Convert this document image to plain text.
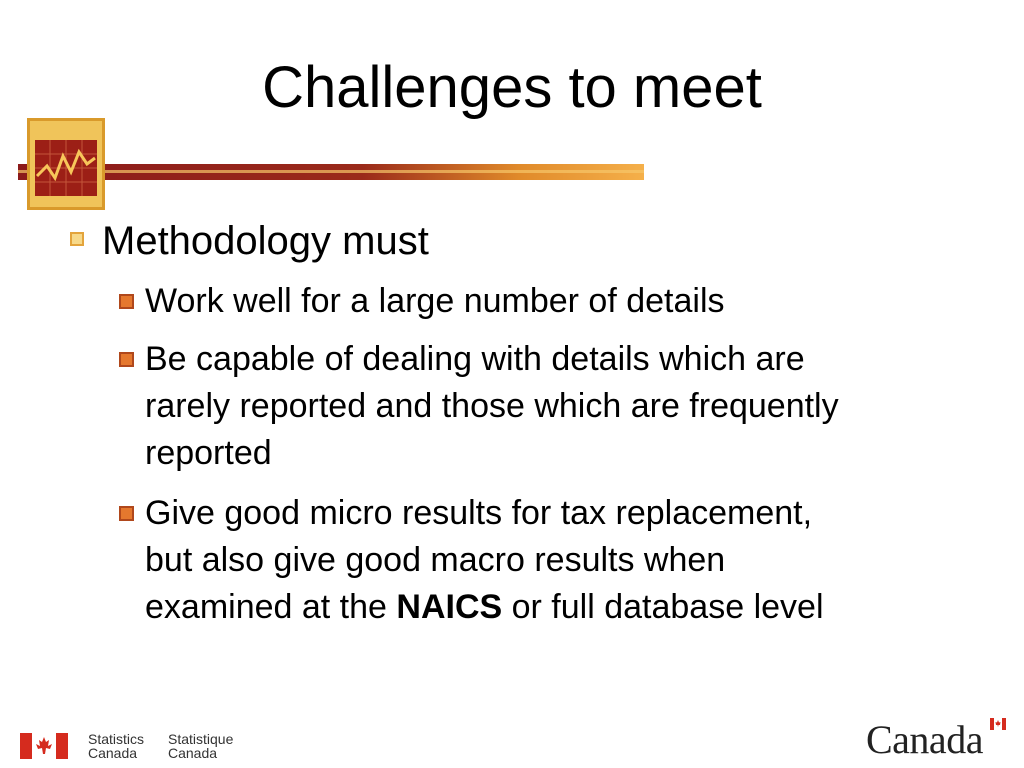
Challenges to meet
Methodology must
Work well for a large number of details
Be capable of dealing with details which are
rarely reported and those which are frequently
reported
Give good micro results for tax replacement,
but also give good macro results when
examined at the NAICS or full database level
Statistics
Canada
Statistique
Canada	Canada
